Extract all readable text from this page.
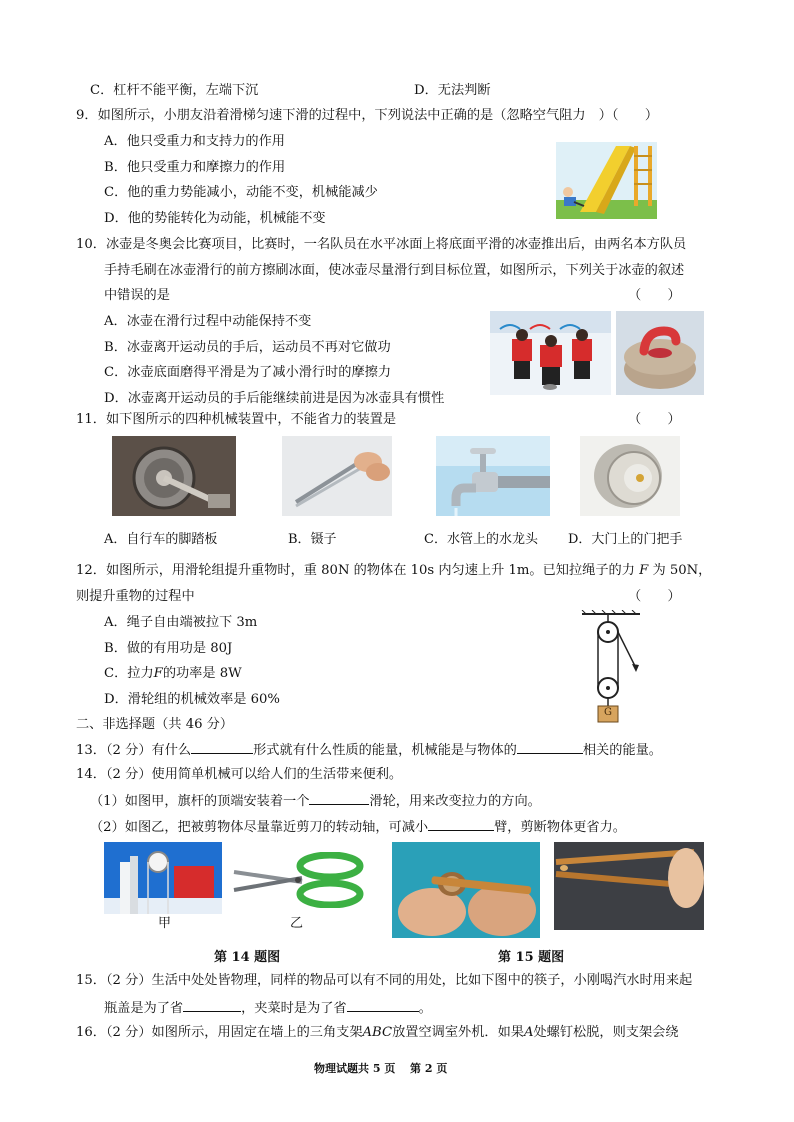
C．杠杆不能平衡，左端下沉	D．无法判断
9．如图所示，小朋友沿着滑梯匀速下滑的过程中，下列说法中正确的是（忽略空气阻力　）（　　）
A．他只受重力和支持力的作用
B．他只受重力和摩擦力的作用
C．他的重力势能减小，动能不变，机械能减少
D．他的势能转化为动能，机械能不变
10．冰壶是冬奥会比赛项目，比赛时，一名队员在水平冰面上将底面平滑的冰壶推出后，由两名本方队员
手持毛刷在冰壶滑行的前方擦刷冰面，使冰壶尽量滑行到目标位置，如图所示，下列关于冰壶的叙述
中错误的是	（　　）
A．冰壶在滑行过程中动能保持不变
B．冰壶离开运动员的手后，运动员不再对它做功
C．冰壶底面磨得平滑是为了减小滑行时的摩擦力
D．冰壶离开运动员的手后能继续前进是因为冰壶具有惯性
11．如下图所示的四种机械装置中，不能省力的装置是	（　　）
A．自行车的脚踏板	B．镊子	C．水管上的水龙头 D．大门上的门把手
12．如图所示，用滑轮组提升重物时，重 80N 的物体在 10s 内匀速上升 1m。已知拉绳子的力 F 为 50N，
则提升重物的过程中	（　　）
A．绳子自由端被拉下 3m
B．做的有用功是 80J
C．拉力F的功率是 8W
D．滑轮组的机械效率是 60%
G
二、非选择题（共 46 分）
13．（2 分）有什么	形式就有什么性质的能量，机械能是与物体的	相关的能量。
14．（2 分）使用简单机械可以给人们的生活带来便利。
（1）如图甲，旗杆的顶端安装着一个	滑轮，用来改变拉力的方向。
（2）如图乙，把被剪物体尽量靠近剪刀的转动轴，可减小	臂，剪断物体更省力。
甲	乙
第 14 题图	第 15 题图
15．（2 分）生活中处处皆物理，同样的物品可以有不同的用处，比如下图中的筷子，小刚喝汽水时用来起
瓶盖是为了省	，夹菜时是为了省	。
16．（2 分）如图所示，用固定在墙上的三角支架ABC放置空调室外机．如果A处螺钉松脱，则支架会绕
物理试题共 5 页 第 2 页
